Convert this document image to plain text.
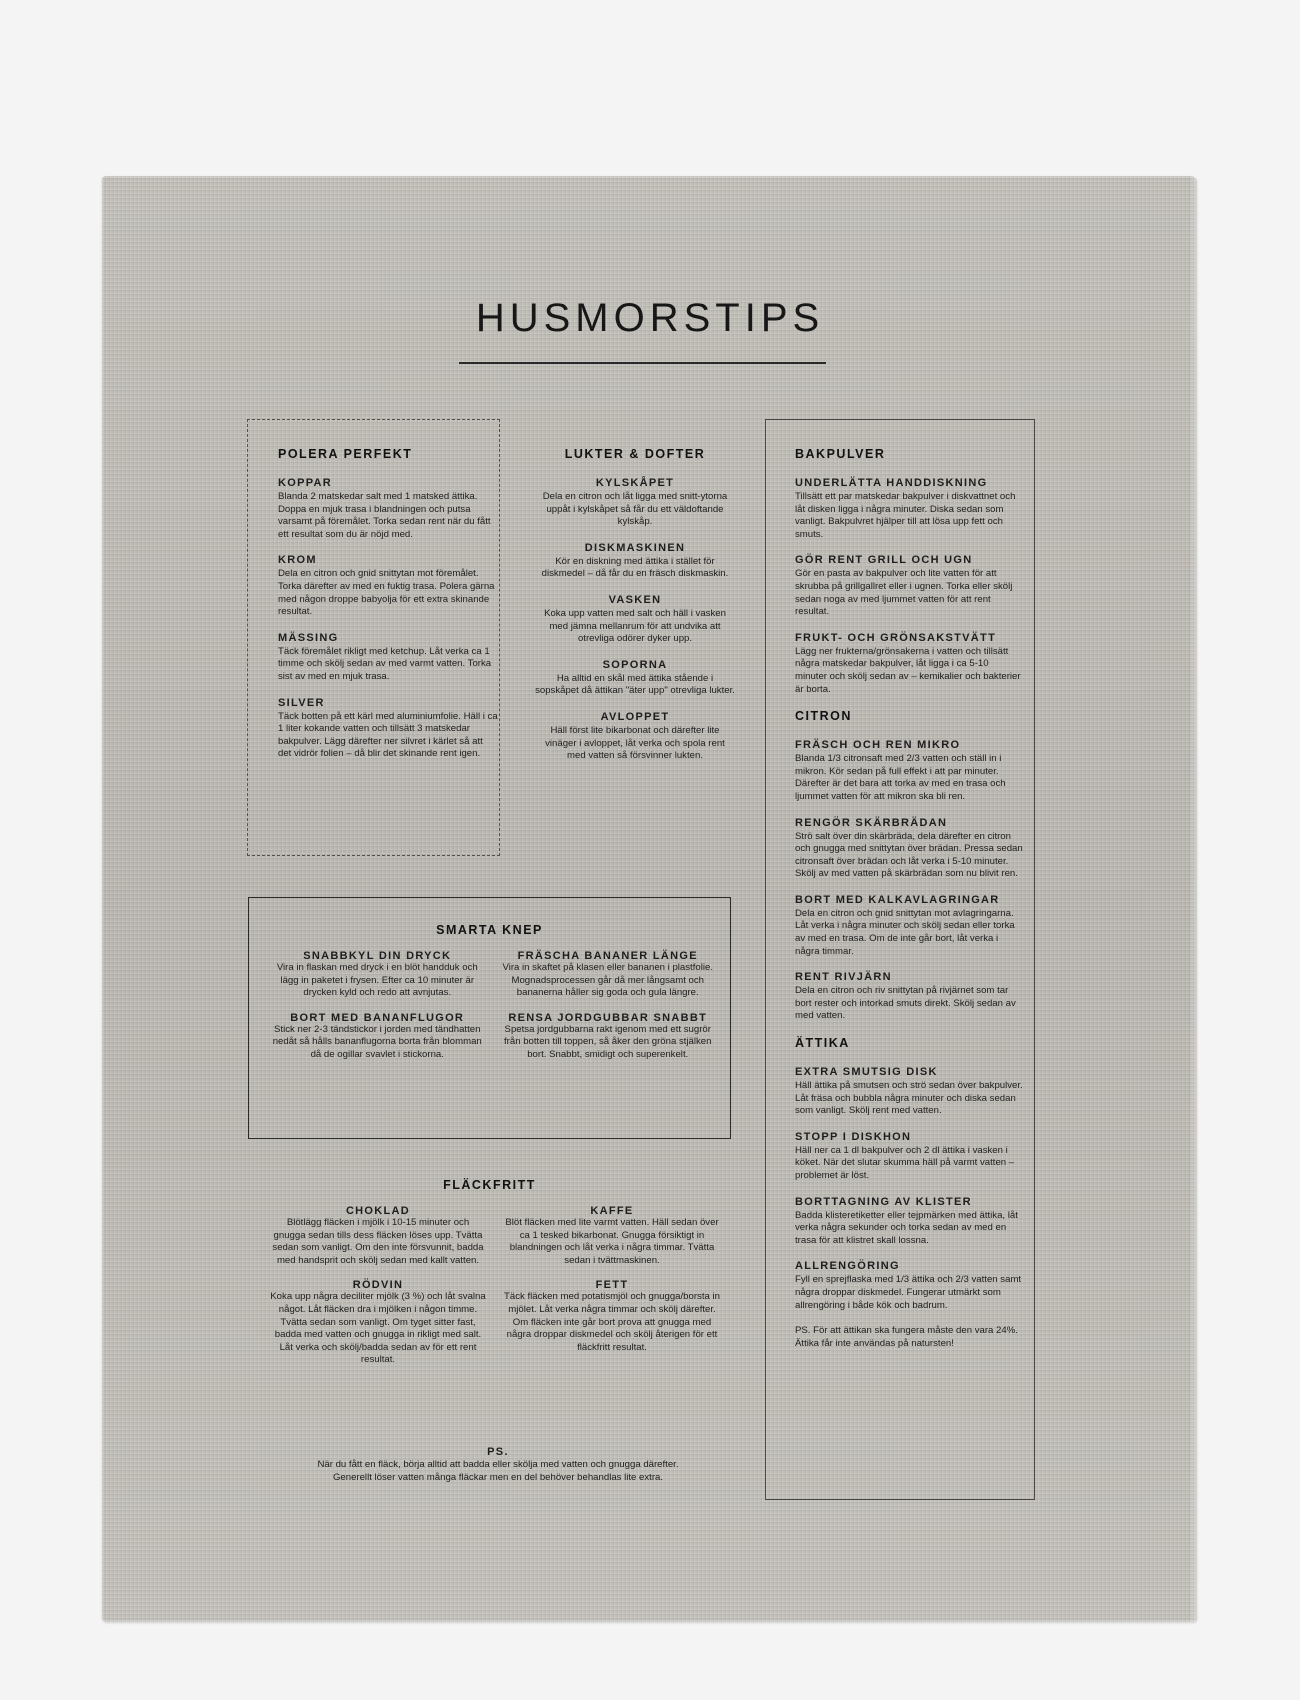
HUSMORSTIPS
POLERA PERFEKT
KOPPAR
Blanda 2 matskedar salt med 1 matsked ättika. Doppa en mjuk trasa i blandningen och putsa varsamt på föremålet. Torka sedan rent när du fått ett resultat som du är nöjd med.
KROM
Dela en citron och gnid snittytan mot föremålet. Torka därefter av med en fuktig trasa. Polera gärna med någon droppe babyolja för ett extra skinande resultat.
MÄSSING
Täck föremålet rikligt med ketchup. Låt verka ca 1 timme och skölj sedan av med varmt vatten. Torka sist av med en mjuk trasa.
SILVER
Täck botten på ett kärl med aluminiumfolie. Häll i ca 1 liter kokande vatten och tillsätt 3 matskedar bakpulver. Lägg därefter ner silvret i kärlet så att det vidrör folien – då blir det skinande rent igen.
LUKTER & DOFTER
KYLSKÅPET
Dela en citron och låt ligga med snitt-ytorna uppåt i kylskåpet så får du ett väldoftande kylskåp.
DISKMASKINEN
Kör en diskning med ättika i stället för diskmedel – då får du en fräsch diskmaskin.
VASKEN
Koka upp vatten med salt och häll i vasken med jämna mellanrum för att undvika att otrevliga odörer dyker upp.
SOPORNA
Ha alltid en skål med ättika stående i sopskåpet då ättikan "äter upp" otrevliga lukter.
AVLOPPET
Häll först lite bikarbonat och därefter lite vinäger i avloppet, låt verka och spola rent med vatten så försvinner lukten.
BAKPULVER
UNDERLÄTTA HANDDISKNING
Tillsätt ett par matskedar bakpulver i diskvattnet och låt disken ligga i några minuter. Diska sedan som vanligt. Bakpulvret hjälper till att lösa upp fett och smuts.
GÖR RENT GRILL OCH UGN
Gör en pasta av bakpulver och lite vatten för att skrubba på grillgallret eller i ugnen. Torka eller skölj sedan noga av med ljummet vatten för att rent resultat.
FRUKT- OCH GRÖNSAKSTVÄTT
Lägg ner frukterna/grönsakerna i vatten och tillsätt några matskedar bakpulver, låt ligga i ca 5-10 minuter och skölj sedan av – kemikalier och bakterier är borta.
CITRON
FRÄSCH OCH REN MIKRO
Blanda 1/3 citronsaft med 2/3 vatten och ställ in i mikron. Kör sedan på full effekt i att par minuter. Därefter är det bara att torka av med en trasa och ljummet vatten för att mikron ska bli ren.
RENGÖR SKÄRBRÄDAN
Strö salt över din skärbräda, dela därefter en citron och gnugga med snittytan över brädan. Pressa sedan citronsaft över brädan och låt verka i 5-10 minuter. Skölj av med vatten på skärbrädan som nu blivit ren.
BORT MED KALKAVLAGRINGAR
Dela en citron och gnid snittytan mot avlagringarna. Låt verka i några minuter och skölj sedan eller torka av med en trasa. Om de inte går bort, låt verka i några timmar.
RENT RIVJÄRN
Dela en citron och riv snittytan på rivjärnet som tar bort rester och intorkad smuts direkt. Skölj sedan av med vatten.
ÄTTIKA
EXTRA SMUTSIG DISK
Häll ättika på smutsen och strö sedan över bakpulver. Låt fräsa och bubbla några minuter och diska sedan som vanligt. Skölj rent med vatten.
STOPP I DISKHON
Häll ner ca 1 dl bakpulver och 2 dl ättika i vasken i köket. När det slutar skumma häll på varmt vatten – problemet är löst.
BORTTAGNING AV KLISTER
Badda klisteretiketter eller tejpmärken med ättika, låt verka några sekunder och torka sedan av med en trasa för att klistret skall lossna.
ALLRENGÖRING
Fyll en sprejflaska med 1/3 ättika och 2/3 vatten samt några droppar diskmedel. Fungerar utmärkt som allrengöring i både kök och badrum.
PS. För att ättikan ska fungera måste den vara 24%. Ättika får inte användas på natursten!
SMARTA KNEP
SNABBKYL DIN DRYCK
Vira in flaskan med dryck i en blöt handduk och lägg in paketet i frysen. Efter ca 10 minuter är drycken kyld och redo att avnjutas.
FRÄSCHA BANANER LÄNGE
Vira in skaftet på klasen eller bananen i plastfolie. Mognadsprocessen går då mer långsamt och bananerna håller sig goda och gula längre.
BORT MED BANANFLUGOR
Stick ner 2-3 tändstickor i jorden med tändhatten nedåt så hålls bananflugorna borta från blomman då de ogillar svavlet i stickorna.
RENSA JORDGUBBAR SNABBT
Spetsa jordgubbarna rakt igenom med ett sugrör från botten till toppen, så åker den gröna stjälken bort. Snabbt, smidigt och superenkelt.
FLÄCKFRITT
CHOKLAD
Blötlägg fläcken i mjölk i 10-15 minuter och gnugga sedan tills dess fläcken löses upp. Tvätta sedan som vanligt. Om den inte försvunnit, badda med handsprit och skölj sedan med kallt vatten.
KAFFE
Blöt fläcken med lite varmt vatten. Häll sedan över ca 1 tesked bikarbonat. Gnugga försiktigt in blandningen och låt verka i några timmar. Tvätta sedan i tvättmaskinen.
RÖDVIN
Koka upp några deciliter mjölk (3 %) och låt svalna något. Låt fläcken dra i mjölken i någon timme. Tvätta sedan som vanligt. Om tyget sitter fast, badda med vatten och gnugga in rikligt med salt. Låt verka och skölj/badda sedan av för ett rent resultat.
FETT
Täck fläcken med potatismjöl och gnugga/borsta in mjölet. Låt verka några timmar och skölj därefter. Om fläcken inte går bort prova att gnugga med några droppar diskmedel och skölj återigen för ett fläckfritt resultat.
PS.
När du fått en fläck, börja alltid att badda eller skölja med vatten och gnugga därefter.
Generellt löser vatten många fläckar men en del behöver behandlas lite extra.
